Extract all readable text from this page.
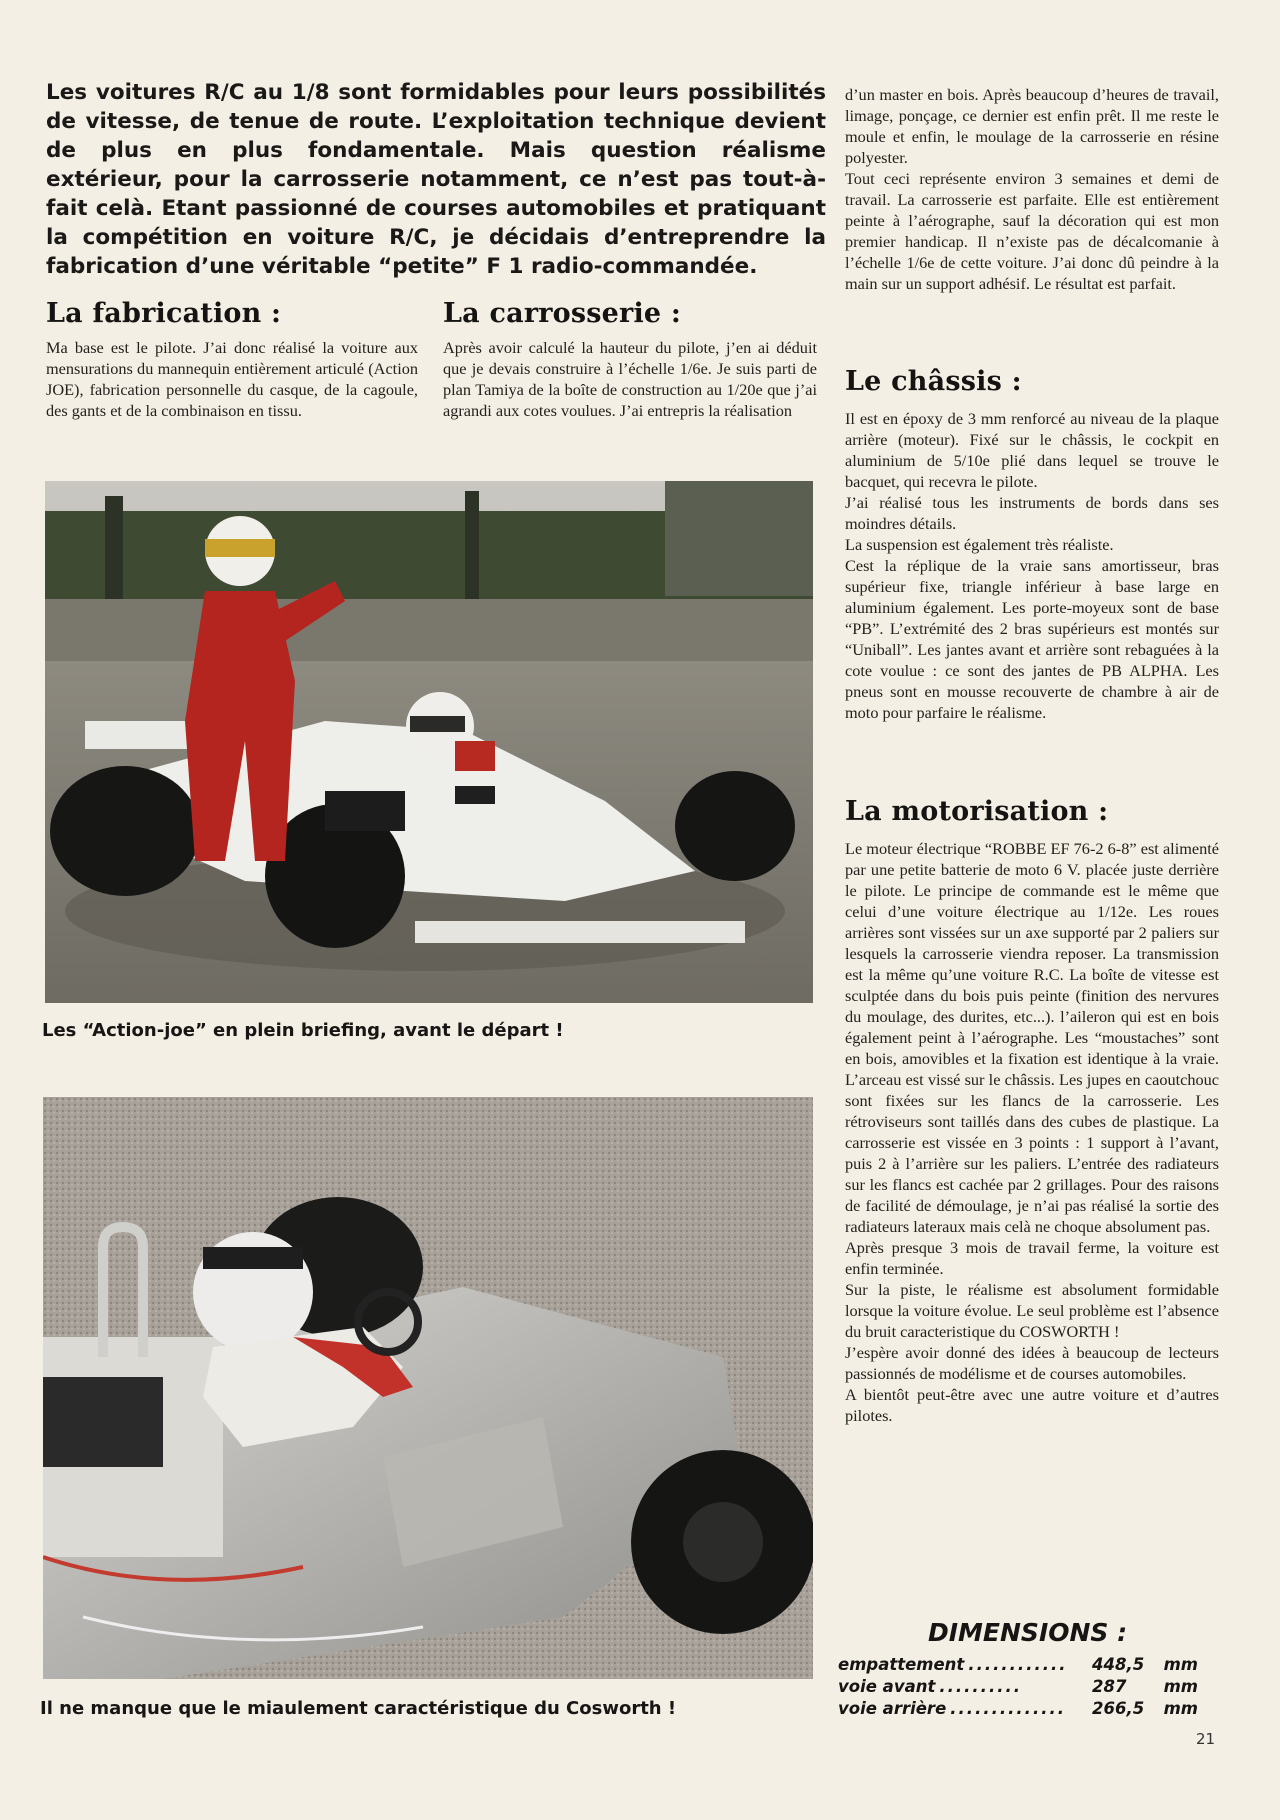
Les voitures R/C au 1/8 sont formidables pour leurs possibilités de vitesse, de tenue de route. L’exploitation technique devient de plus en plus fondamentale. Mais question réalisme extérieur, pour la carrosserie notamment, ce n’est pas tout-à-fait celà. Etant passionné de courses automobiles et pratiquant la compétition en voiture R/C, je décidais d’entreprendre la fabrication d’une véritable “petite” F 1 radio-commandée.
La fabrication :

Ma base est le pilote. J’ai donc réalisé la voiture aux mensurations du mannequin entièrement articulé (Action JOE), fabrication personnelle du casque, de la cagoule, des gants et de la combinaison en tissu.

La carrosserie :

Après avoir calculé la hauteur du pilote, j’en ai déduit que je devais construire à l’échelle 1/6e. Je suis parti de plan Tamiya de la boîte de construction au 1/20e que j’ai agrandi aux cotes voulues. J’ai entrepris la réalisation

d’un master en bois. Après beaucoup d’heures de travail, limage, ponçage, ce dernier est enfin prêt. Il me reste le moule et enfin, le moulage de la carrosserie en résine polyester.

Tout ceci représente environ 3 semaines et demi de travail. La carrosserie est parfaite. Elle est entièrement peinte à l’aérographe, sauf la décoration qui est mon premier handicap. Il n’existe pas de décalcomanie à l’échelle 1/6e de cette voiture. J’ai donc dû peindre à la main sur un support adhésif. Le résultat est parfait.

Le châssis :

Il est en époxy de 3 mm renforcé au niveau de la plaque arrière (moteur). Fixé sur le châssis, le cockpit en aluminium de 5/10e plié dans lequel se trouve le bacquet, qui recevra le pilote.

J’ai réalisé tous les instruments de bords dans ses moindres détails.

La suspension est également très réaliste.

Cest la réplique de la vraie sans amortisseur, bras supérieur fixe, triangle inférieur à base large en aluminium également. Les porte-moyeux sont de base “PB”. L’extrémité des 2 bras supérieurs est montés sur “Uniball”. Les jantes avant et arrière sont rebaguées à la cote voulue : ce sont des jantes de PB ALPHA. Les pneus sont en mousse recouverte de chambre à air de moto pour parfaire le réalisme.

La motorisation :

Le moteur électrique “ROBBE EF 76-2 6-8” est alimenté par une petite batterie de moto 6 V. placée juste derrière le pilote. Le principe de commande est le même que celui d’une voiture électrique au 1/12e. Les roues arrières sont vissées sur un axe supporté par 2 paliers sur lesquels la carrosserie viendra reposer. La transmission est la même qu’une voiture R.C. La boîte de vitesse est sculptée dans du bois puis peinte (finition des nervures du moulage, des durites, etc...). l’aileron qui est en bois également peint à l’aérographe. Les “moustaches” sont en bois, amovibles et la fixation est identique à la vraie. L’arceau est vissé sur le châssis. Les jupes en caoutchouc sont fixées sur les flancs de la carrosserie. Les rétroviseurs sont taillés dans des cubes de plastique. La carrosserie est vissée en 3 points : 1 support à l’avant, puis 2 à l’arrière sur les paliers. L’entrée des radiateurs sur les flancs est cachée par 2 grillages. Pour des raisons de facilité de démoulage, je n’ai pas réalisé la sortie des radiateurs lateraux mais celà ne choque absolument pas.

Après presque 3 mois de travail ferme, la voiture est enfin terminée.

Sur la piste, le réalisme est absolument formidable lorsque la voiture évolue. Le seul problème est l’absence du bruit caracteristique du COSWORTH !

J’espère avoir donné des idées à beaucoup de lecteurs passionnés de modélisme et de courses automobiles.

A bientôt peut-être avec une autre voiture et d’autres pilotes.

Les “Action-joe” en plein briefing, avant le départ !
Il ne manque que le miaulement caractéristique du Cosworth !
DIMENSIONS :
empattement ............	448,5	mm
voie avant ..........	287	mm
voie arrière ..............	266,5	mm
21
